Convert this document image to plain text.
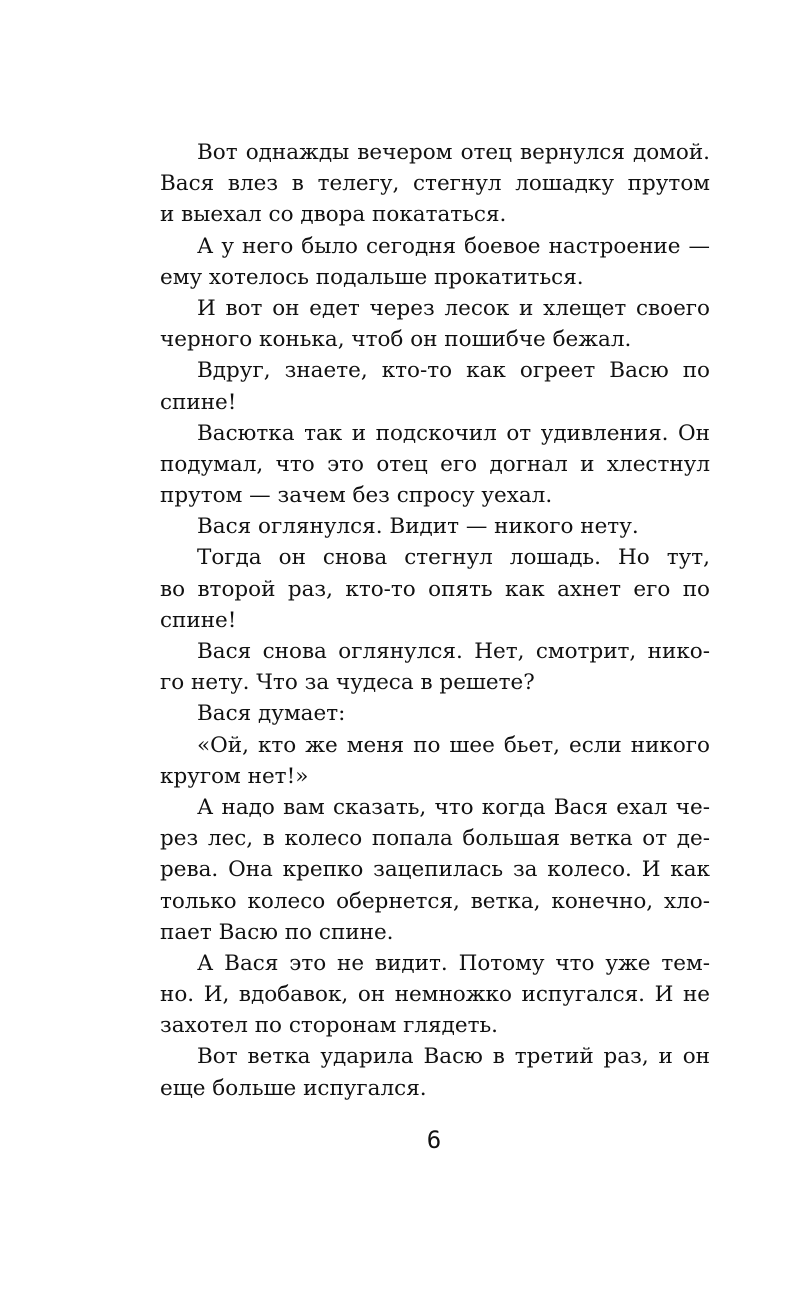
Вот однажды вечером отец вернулся домой.
Вася влез в телегу, стегнул лошадку прутом
и выехал со двора покататься.
А у него было сегодня боевое настроение —
ему хотелось подальше прокатиться.
И вот он едет через лесок и хлещет своего
черного конька, чтоб он пошибче бежал.
Вдруг, знаете, кто-то как огреет Васю по
спине!
Васютка так и подскочил от удивления. Он
подумал, что это отец его догнал и хлестнул
прутом — зачем без спросу уехал.
Вася оглянулся. Видит — никого нету.
Тогда он снова стегнул лошадь. Но тут,
во второй раз, кто-то опять как ахнет его по
спине!
Вася снова оглянулся. Нет, смотрит, нико-
го нету. Что за чудеса в решете?
Вася думает:
«Ой, кто же меня по шее бьет, если никого
кругом нет!»
А надо вам сказать, что когда Вася ехал че-
рез лес, в колесо попала большая ветка от де-
рева. Она крепко зацепилась за колесо. И как
только колесо обернется, ветка, конечно, хло-
пает Васю по спине.
А Вася это не видит. Потому что уже тем-
но. И, вдобавок, он немножко испугался. И не
захотел по сторонам глядеть.
Вот ветка ударила Васю в третий раз, и он
еще больше испугался.
6
